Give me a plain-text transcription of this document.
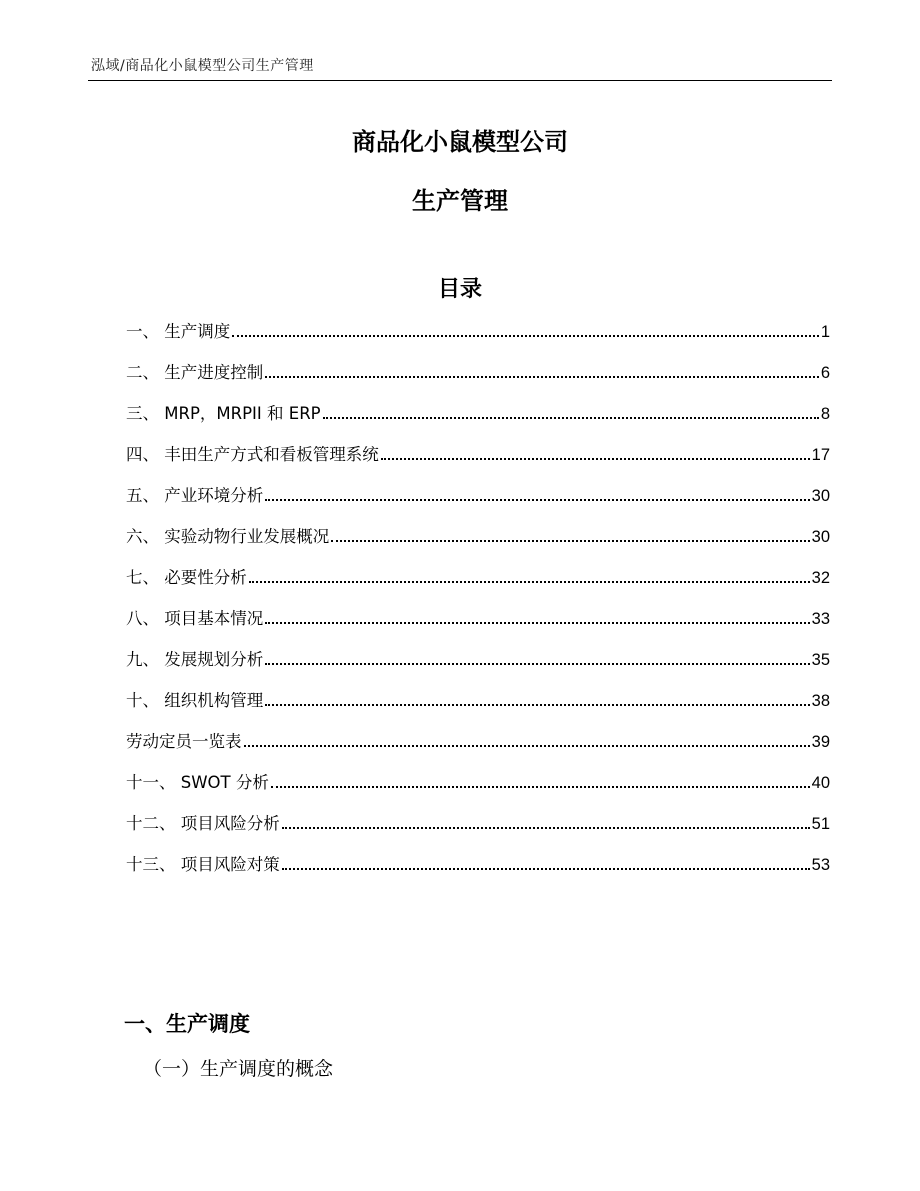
泓域/商品化小鼠模型公司生产管理
商品化小鼠模型公司
生产管理
目录
一、 生产调度	1
二、 生产进度控制	6
三、 MRP，MRPII 和 ERP	8
四、 丰田生产方式和看板管理系统	17
五、 产业环境分析	30
六、 实验动物行业发展概况	30
七、 必要性分析	32
八、 项目基本情况	33
九、 发展规划分析	35
十、 组织机构管理	38
劳动定员一览表	39
十一、 SWOT 分析	40
十二、 项目风险分析	51
十三、 项目风险对策	53
一、生产调度
（一）生产调度的概念
